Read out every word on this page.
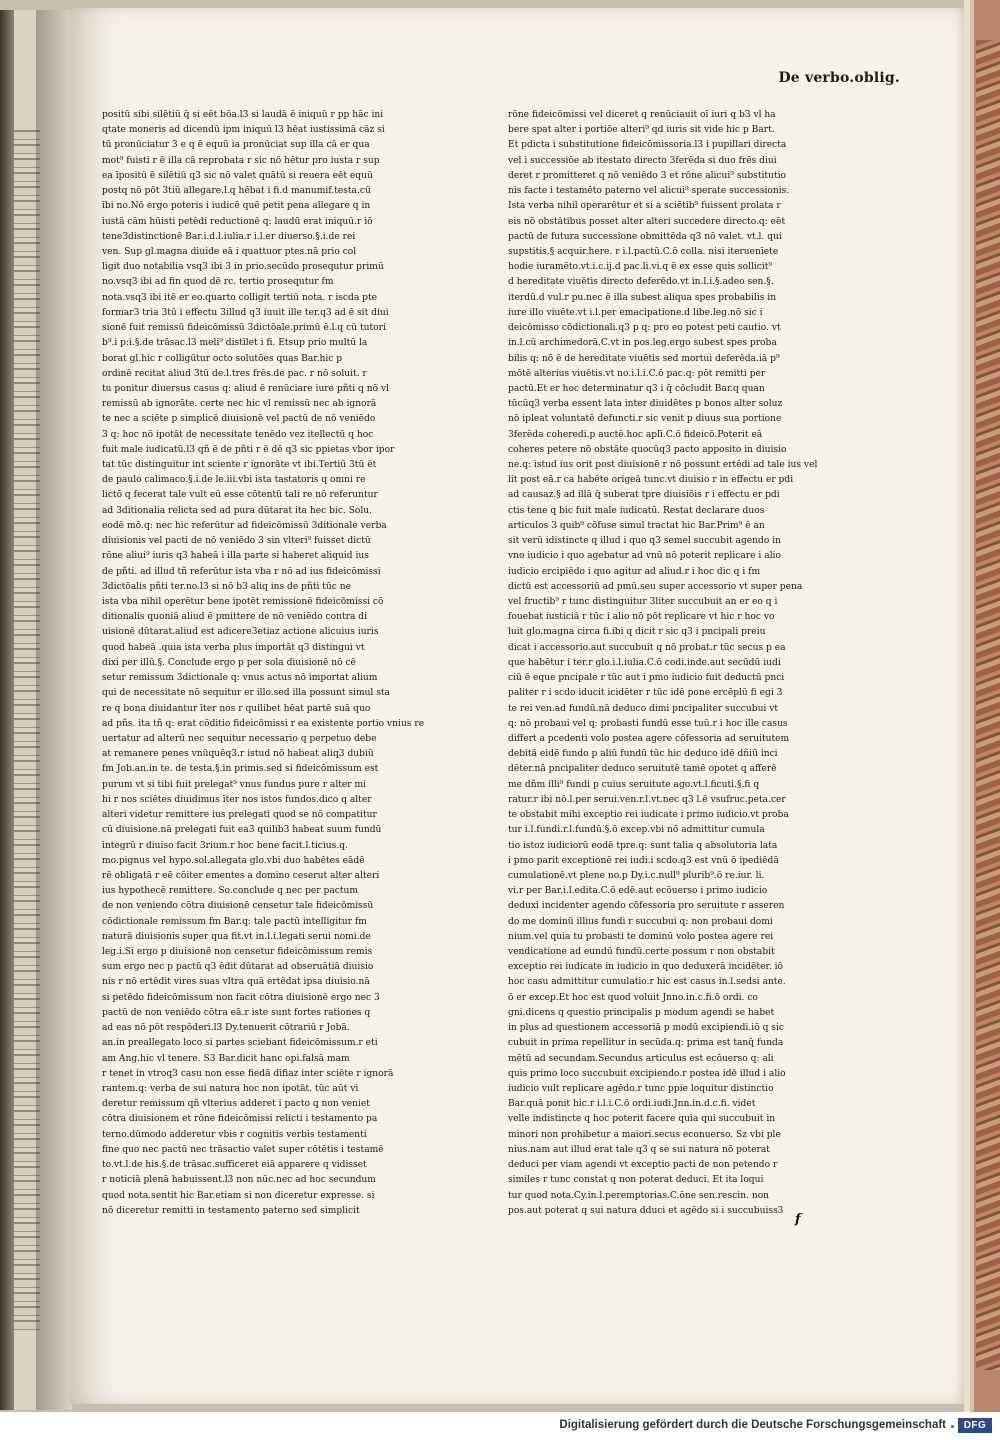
De verbo.oblig.
positū sibi silētiū q̄ si eēt bōa.l3 si laudā ē iniquū r pp hāc ini
qtate moneris ad dicendū ipm iniquū l3 hēat iustissimā cāz si
tū pronūciatur 3 e q ē equū ia pronūciat sup illa cā er qua
mot⁹ fuisti r ē illa cā reprobata r sic nō hētur pro iusta r sup
ea īpositū ē silētiū q3 sic nō valet quātū si reuera eēt equū
postq nō pōt 3tiū allegare.l.q hēbat i fi.d manumif.testa.cū
ibi no.Nō ergo poteris i iudicē quē petit pena allegare q in
iustā cām hūisti petēdi reductionē q: laudū erat iniquū.r iō
tene3distinctionē Bar.i.d.l.iulia.r i.l.er diuerso.§.i.de rei
ven. Sup gl.magna diuide eā i quattuor ptes.nā prio col
ligit duo notabilia vsq3 ibi 3 in prio.secūdo prosequtur primū
no.vsq3 ibi ad fin quod dē rc. tertio prosequtur fm
nota.vsq3 ibi itē er eo.quarto colligit tertiū nota. r iscda pte
formar3 tria 3tū i effectu 3illud q3 iuuit ille ter.q3 ad ē sit diui
sionē fuit remissū fideicōmissū 3dictōale.primū ē.l.q cū tutori
b⁹.i p:i.§.de trāsac.l3 meli⁹ distīlet i fi. Etsup prio multū la
borat gl.hic r colligūtur octo solutōes quas Bar.hic p
ordinē recitat aliud 3tū de.l.tres frēs.de pac. r nō soluit. r
tu ponitur diuersus casus q: aliud ē renūciare iure pñti q nō vl
remissū ab ignorāte. certe nec hic vl remissū nec ab ignorā
te nec a sciēte p simplicē diuisionē vel pactū de nō veniēdo
3 q: hoc nō ipotāt de necessitate tenēdo vez itellectū q hoc
fuit male iudicatū.l3 qñ ē de pñti r ē dē q3 sic ppietas vbor ipor
tat tūc distinguitur int sciente r ignorāte vt ibi.Tertiū 3tū ēt
de paulo calimaco.§.i.de le.iii.vbi ista tastatoris q omni re
lictō q fecerat tale vult eū esse cōtentū tali re nō referuntur
ad 3ditionalia relicta sed ad pura dūtarat ita hec bic. Solu.
eodē mō.q: nec hic referūtur ad fideicōmissū 3ditionale verba
diuisionis vel pacti de nō veniēdo 3 sin vlteri⁹ fuisset dictū
rōne aliui⁹ iuris q3 habeā i illa parte si haberet aliquid ius
de pñti. ad illud tñ referūtur ista vba r nō ad ius fideicōmissi
3dictōalis pñti ter.no.l3 si nō b3 aliq ins de pñti tūc ne
ista vba nihil operētur bene ipotēt remissionē fideicōmissi cō
ditionalis quoniā aliud ē pmittere de nō veniēdo contra di
uisionē dūtarat.aliud est adicere3etiaz actione alicuius iuris
quod habeā .quia ista verba plus importāt q3 distingui vt
dixi per illū.§. Conclude ergo p per sola diuisionē nō cē
setur remissum 3dictionale q: vnus actus nō importat alium
qui de necessitate nō sequitur er illo.sed illa possunt simul sta
re q bona diuidantur īter nos r quilibet hēat partē suā quo
ad pñs. ita tñ q: erat cōditio fideicōmissi r ea existente portio vnius re
uertatur ad alterū nec sequitur necessario q perpetuo debe
at remanere penes vnūquēq3.r istud nō habeat aliq3 dubiū
fm Job.an.in te. de testa.§.in primis.sed si fideicōmissum est
purum vt si tibi fuit prelegat⁹ vnus fundus pure r alter mi
hi r nos sciētes diuidimus īter nos istos fundos.dico q alter
alteri videtur remittere ius prelegati quod se nō compatitur
cū diuisione.nā prelegati fuit ea3 quilib3 habeat suum fundū
integrū r diuiso facit 3rium.r hoc bene facit.l.ticius.q.
mo.pignus vel hypo.sol.allegata glo.vbi duo habētes eādē
rē obligatā r eē cōiter ementes a domino ceserut alter alteri
ius hypothecē remittere. So.conclude q nec per pactum
de non veniendo cōtra diuisionē censetur tale fideicōmissū
cōdictionale remissum fm Bar.q: tale pactū intelligitur fm
naturā diuisionis super qua fit.vt in.l.i.legati serui nomi.de
leg.i.Si ergo p diuisionē non censetur fideicōmissum remis
sum ergo nec p pactū q3 ēdit dūtarat ad obseruātiā diuisio
nis r nō ertēdit vires suas vltra quā ertēdat ipsa diuisio.nā
si petēdo fideicōmissum non facit cōtra diuisionē ergo nec 3
pactū de non veniēdo cōtra eā.r iste sunt fortes rationes q
ad eas nō pōt respōderi.l3 Dy.tenuerit cōtrariū r Jobā.
an.in preallegato loco si partes sciebant fideicōmissum.r eti
am Ang.hic vl tenere. S3 Bar.dicit hanc opi.falsā mam
r tenet in vtroq3 casu non esse fiedā dīfiaz inter sciēte r ignorā
rantem.q: verba de sui natura hoc non ipotāt. tūc aūt vi
deretur remissum qñ vlterius adderet i pacto q non veniet
cōtra diuisionem et rōne fideicōmissi relicti i testamento pa
terno.dūmodo adderetur vbis r cognitis verbis testamenti
fine quo nec pactū nec trāsactio valet super cōtētis i testamē
to.vt.l.de his.§.de trāsac.sufficeret eiā apparere q vidisset
r noticiā plenā habuissent.l3 non nūc.nec ad hoc secundum
quod nota.sentit hic Bar.etiam si non diceretur expresse. si
nō diceretur remitti in testamento paterno sed simplicit
rōne fideicōmissi vel diceret q renūciauit oī iuri q b3 vl ha
bere spat alter i portiōe alteri⁹ qd iuris sit vide hic p Bart.
Et pdicta i substitutione fideicōmissoria.l3 i pupillari directa
vel i successiōe ab itestato directo 3ferēda si duo frēs diui
deret r promitteret q nō veniēdo 3 et rōne alicui⁹ substitutio
nis facte i testamēto paterno vel alicui⁹ sperate successionis.
Ista verba nihil operarētur et si a sciētib⁹ fuissent prolata r
eis nō obstātibus posset alter alteri succedere directo.q: eēt
pactū de futura successione obmittēda q3 nō valet. vt.l. qui
supstitis.§ acquir.here. r i.l.pactū.C.ō colla. nisi iteruenīete
hodie iuramēto.vt.i.c.ij.d pac.li.vi.q ē ex esse quis sollicit⁹
d hereditate viuētis directo deferēdo.vt in.l.i.§.adeo sen.§.
iterdū.d vul.r pu.nec ē illa subest aliqua spes probabilis in
iure illo viuēte.vt i.l.per emacipatione.d libe.leg.nō sic i
deicōmisso cōdictionali.q3 p q: pro eo potest peti cautio. vt
in.l.cū archimedorā.C.vt in pos.leg.ergo subest spes proba
bilis q: nō ē de hereditate viuētis sed mortui deferēda.iā p⁹
mōtē alterius viuētis.vt no.i.l.i.C.ō pac.q: pōt remitti per
pactū.Et er hoc determinatur q3 i q̄ cōcludit Bar.q quan
tūcūq3 verba essent lata inter diuidētes p bonos alter soluz
nō ipleat voluntatē defuncti.r sic venit p diuus sua portione
3ferēda coheredi.p auctē.hoc aplī.C.ō fideicō.Poterit eā
coheres petere nō obstāte quocūq3 pacto apposito in diuisio
ne.q: istud ius orit post diuisionē r nō possunt ertēdi ad tale ius vel
lit post eā.r ca habēte origeā tunc.vt diuisio r in effectu er pdi
ad causaz.§ ad illā q̄ suberat tpre diuisiōis r i effectu er pdi
ctis tene q bic fuit male iudicatū. Restat declarare duos
articulos 3 quib⁹ cōfuse simul tractat hic Bar.Prim⁹ ē an
sit verū idistincte q illud i quo q3 semel succubit agendo in
vno iudicio i quo agebatur ad vnū nō poterit replicare i alio
iudicio ercipiēdo i quo agitur ad aliud.r i hoc dic q i fm
dictū est accessoriū ad pmū.seu super accessorio vt super pena
vel fructib⁹ r tunc distinguitur 3liter succubuit an er eo q i
fouebat iusticiā r tūc i alio nō pōt replicare vt hic r hoc vo
luit glo.magna circa fi.ibi q dicit r sic q3 i pncipali preiu
dicat i accessorio.aut succubuit q nō probat.r tūc secus p ea
que habētur i ter.r glo.i.l.iulia.C.ō codi.inde.aut secūdū iudi
ciū ē eque pncipale r tūc aut i pmo iudicio fuit deductū pnci
paliter r i scdo iducit icidēter r tūc idē pone ercēplū fi egi 3
te rei ven.ad fundū.nā deduco dimi pncipaliter succubui vt
q: nō probaui vel q: probasti fundū esse tuū.r i hoc ille casus
differt a pcedenti volo postea agere cōfessoria ad seruitutem
debitā eidē fundo p aliū fundū tūc hic deduco idē dñiū inci
dēter.nā pncipaliter deduco seruitutē tamē opotet q afferē
me dñm illi⁹ fundi p cuius seruitute ago.vt.l.ficuti.§.fi q
ratur.r ibi nō.l.per serui.ven.r.l.vt.nec q3 l.ē vsufruc.peta.cer
te obstabit mihi exceptio rei iudicate i primo iudicio.vt proba
tur i.l.fundi.r.l.fundū.§.ō excep.vbi nō admittitur cumula
tio istoz iudiciorū eodē tpre.q: sunt talia q absolutoria lata
i pmo parit exceptionē rei iudi.i scdo.q3 est vnū ō ipediēdā
cumulationē.vt plene no.p Dy.i.c.null⁹ plurib⁹.ō re.iur. li.
vi.r per Bar.i.l.edita.C.ō edē.aut ecōuerso i primo iudicio
deduxi incidenter agendo cōfessoria pro seruitute r asseren
do me dominū illius fundi r succubui q: non probaui domi
nium.vel quia tu probasti te dominū volo postea agere rei
vendicatione ad eundū fundū.certe possum r non obstabit
exceptio rei iudicate in iudicio in quo deduxerā incidēter. iō
hoc casu admittitur cumulatio.r hic est casus in.l.sedsi ante.
ō er excep.Et hoc est quod voluit Jnno.in.c.fi.ō ordi. co
gni.dicens q questio principalis p modum agendi se habet
in plus ad questionem accessoriā p modū excipiendi.iō q sic
cubuit in prima repellitur in secūda.q: prima est tanq̄ funda
mētū ad secundam.Secundus articulus est ecōuerso q: ali
quis primo loco succubuit excipiendo.r postea idē illud i alio
iudicio vult replicare agēdo.r tunc ppie loquitur distinctio
Bar.quā ponit hic.r i.l.i.C.ō ordi.iudi.Jnn.in.d.c.fi. videt
velle indistincte q hoc poterit facere quia qui succubuit in
minori non prohibetur a maiori.secus econuerso. Sz vbi ple
nius.nam aut illud erat tale q3 q se sui natura nō poterat
deduci per viam agendi vt exceptio pacti de non petendo r
similes r tunc constat q non poterat deduci. Et ita loqui
tur quod nota.Cy.in.l.peremptorias.C.ōne sen.rescin. non
pos.aut poterat q sui natura dduci et agēdo si i succubuiss3
f
Digitalisierung gefördert durch die Deutsche Forschungsgemeinschaft	DFG
